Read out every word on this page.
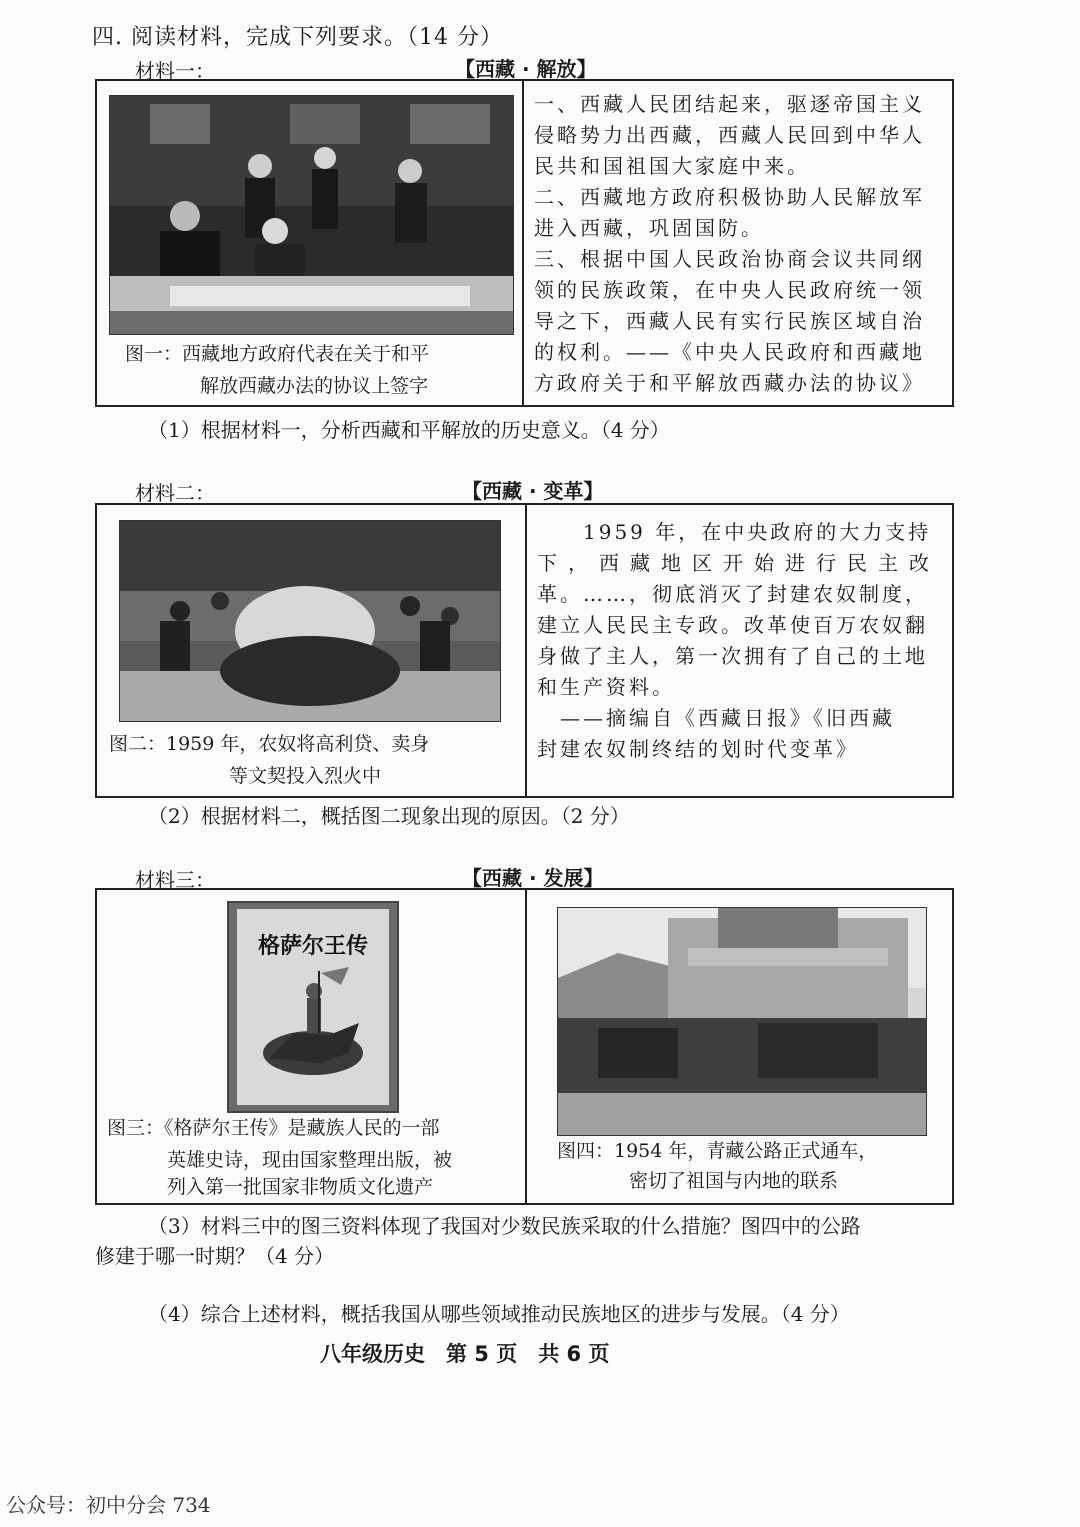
四. 阅读材料，完成下列要求。（14 分）
材料一：	【西藏 · 解放】
图一：西藏地方政府代表在关于和平
解放西藏办法的协议上签字
一、西藏人民团结起来，驱逐帝国主义
侵略势力出西藏，西藏人民回到中华人
民共和国祖国大家庭中来。
二、西藏地方政府积极协助人民解放军
进入西藏，巩固国防。
三、根据中国人民政治协商会议共同纲
领的民族政策，在中央人民政府统一领
导之下，西藏人民有实行民族区域自治
的权利。——《中央人民政府和西藏地
方政府关于和平解放西藏办法的协议》
（1）根据材料一，分析西藏和平解放的历史意义。（4 分）
材料二：	【西藏 · 变革】
图二：1959 年，农奴将高利贷、卖身
等文契投入烈火中
　　1959 年，在中央政府的大力支持
下，西藏地区开始进行民主改
革。……，彻底消灭了封建农奴制度，
建立人民民主专政。改革使百万农奴翻
身做了主人，第一次拥有了自己的土地
和生产资料。
　——摘编自《西藏日报》《旧西藏
封建农奴制终结的划时代变革》
（2）根据材料二，概括图二现象出现的原因。（2 分）
材料三：	【西藏 · 发展】
格萨尔王传
图三：《格萨尔王传》是藏族人民的一部
英雄史诗，现由国家整理出版，被
列入第一批国家非物质文化遗产
图四：1954 年，青藏公路正式通车，
密切了祖国与内地的联系
（3）材料三中的图三资料体现了我国对少数民族采取的什么措施？图四中的公路
修建于哪一时期？（4 分）
（4）综合上述材料，概括我国从哪些领域推动民族地区的进步与发展。（4 分）
八年级历史　第 5 页　共 6 页
公众号：初中分会 734
